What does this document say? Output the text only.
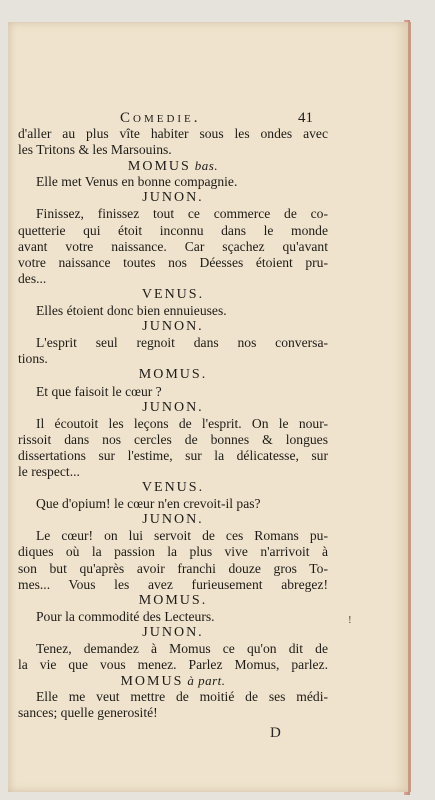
Comedie.	41
d'aller au plus vîte habiter sous les ondes avec
les Tritons & les Marsouins.
MOMUS bas.
Elle met Venus en bonne compagnie.
JUNON.
Finissez, finissez tout ce commerce de co-
quetterie qui étoit inconnu dans le monde
avant votre naissance. Car sçachez qu'avant
votre naissance toutes nos Déesses étoient pru-
des...
VENUS.
Elles étoient donc bien ennuieuses.
JUNON.
L'esprit seul regnoit dans nos conversa-
tions.
MOMUS.
Et que faisoit le cœur ?
JUNON.
Il écoutoit les leçons de l'esprit. On le nour-
rissoit dans nos cercles de bonnes & longues
dissertations sur l'estime, sur la délicatesse, sur
le respect...
VENUS.
Que d'opium! le cœur n'en crevoit-il pas?
JUNON.
Le cœur! on lui servoit de ces Romans pu-
diques où la passion la plus vive n'arrivoit à
son but qu'après avoir franchi douze gros To-
mes... Vous les avez furieusement abregez!
MOMUS.
Pour la commodité des Lecteurs.
JUNON.
Tenez, demandez à Momus ce qu'on dit de
la vie que vous menez. Parlez Momus, parlez.
MOMUS à part.
Elle me veut mettre de moitié de ses médi-
sances; quelle generosité!
!
D
